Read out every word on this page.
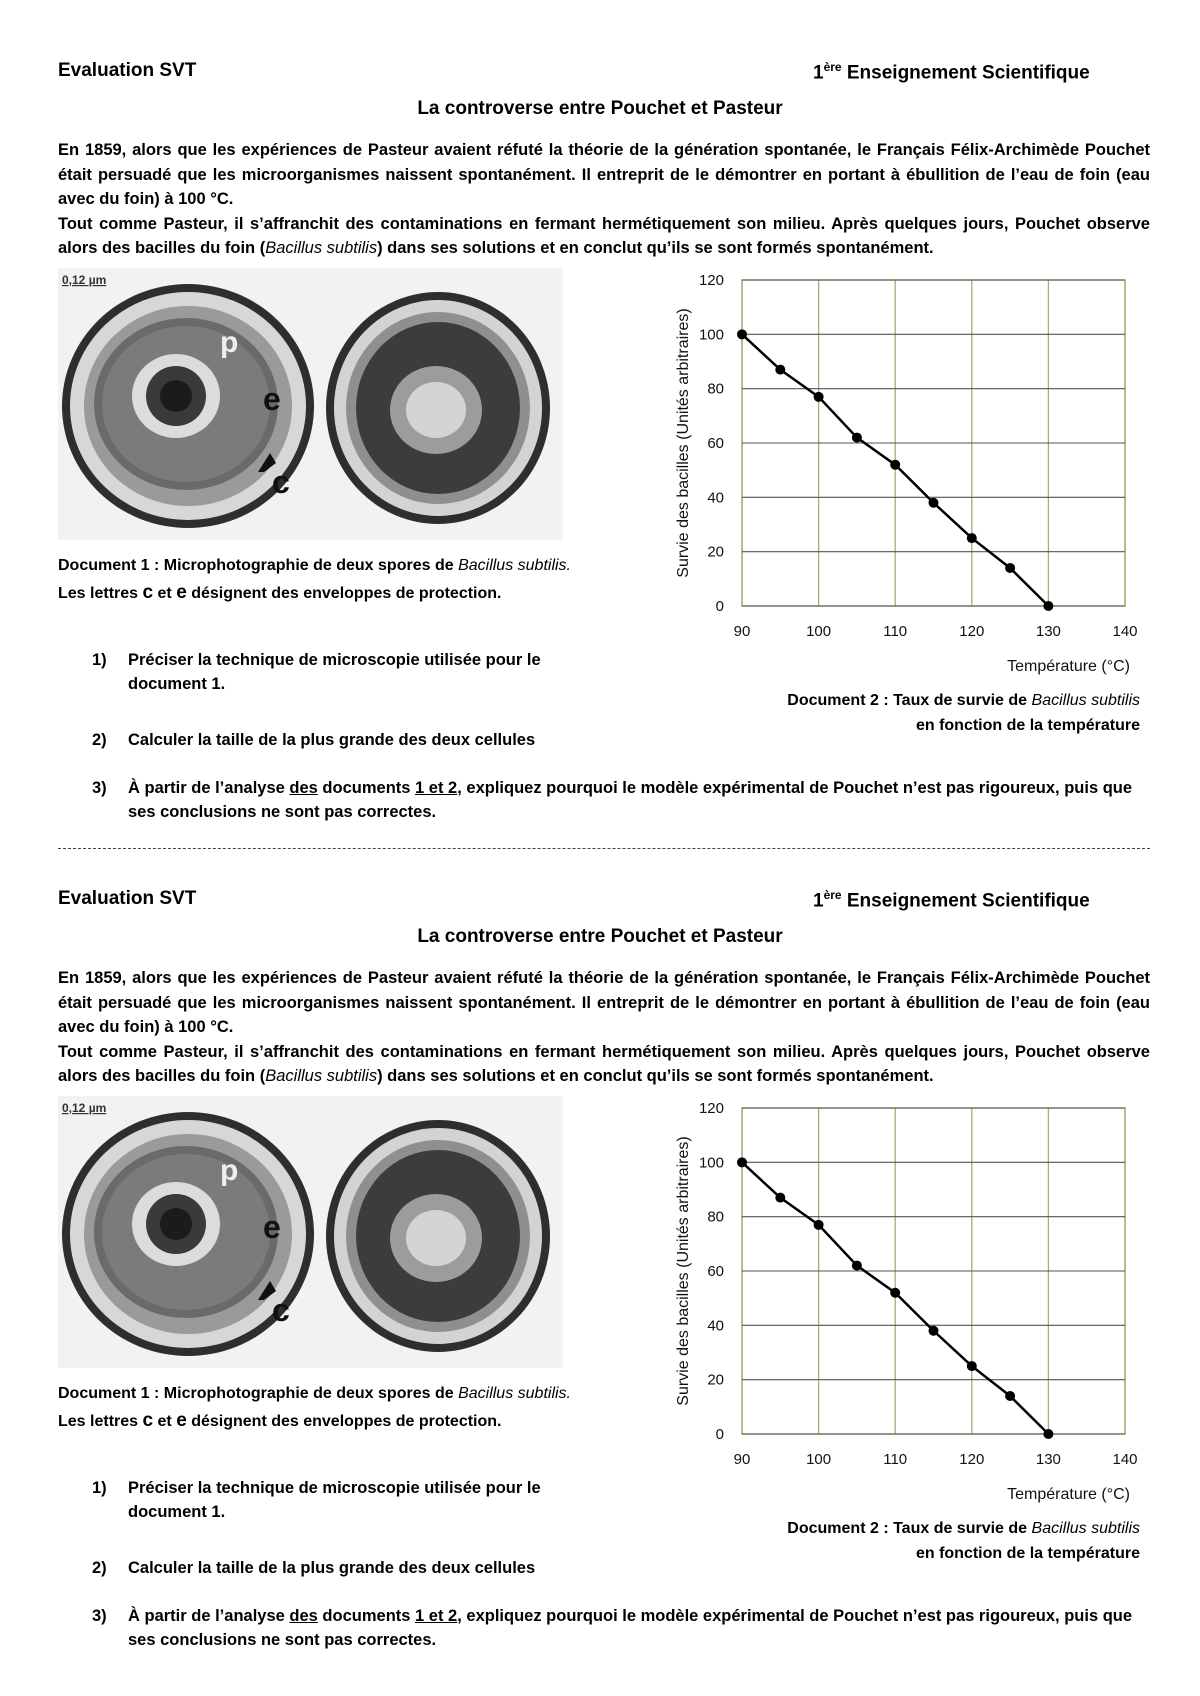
Evaluation SVT	1ère Enseignement Scientifique
La controverse entre Pouchet et Pasteur

En 1859, alors que les expériences de Pasteur avaient réfuté la théorie de la génération spontanée, le Français Félix-Archimède Pouchet était persuadé que les microorganismes naissent spontanément. Il entreprit de le démontrer en portant à ébullition de l’eau de foin (eau avec du foin) à 100 °C.

Tout comme Pasteur, il s’affranchit des contaminations en fermant hermétiquement son milieu. Après quelques jours, Pouchet observe alors des bacilles du foin (Bacillus subtilis) dans ses solutions et en conclut qu’ils se sont formés spontanément.

0,12 µm
p
e
c
Document 1 : Microphotographie de deux spores de Bacillus subtilis.
Les lettres c et e désignent des enveloppes de protection.
90	100	110	120	130	140
0
20
40
60
80
100
120
Température (°C)
Survie des bacilles (Unités arbitraires)
Document 2 : Taux de survie de Bacillus subtilis
en fonction de la température
1)	Préciser la technique de microscopie utilisée pour le document 1.
2)	Calculer la taille de la plus grande des deux cellules
3)	À partir de l’analyse des documents 1 et 2, expliquez pourquoi le modèle expérimental de Pouchet n’est pas rigoureux, puis que ses conclusions ne sont pas correctes.
Evaluation SVT	1ère Enseignement Scientifique
La controverse entre Pouchet et Pasteur

En 1859, alors que les expériences de Pasteur avaient réfuté la théorie de la génération spontanée, le Français Félix-Archimède Pouchet était persuadé que les microorganismes naissent spontanément. Il entreprit de le démontrer en portant à ébullition de l’eau de foin (eau avec du foin) à 100 °C.

Tout comme Pasteur, il s’affranchit des contaminations en fermant hermétiquement son milieu. Après quelques jours, Pouchet observe alors des bacilles du foin (Bacillus subtilis) dans ses solutions et en conclut qu’ils se sont formés spontanément.

0,12 µm
p
e
c
Document 1 : Microphotographie de deux spores de Bacillus subtilis.
Les lettres c et e désignent des enveloppes de protection.
90	100	110	120	130	140
0
20
40
60
80
100
120
Température (°C)
Survie des bacilles (Unités arbitraires)
Document 2 : Taux de survie de Bacillus subtilis
en fonction de la température
1)	Préciser la technique de microscopie utilisée pour le document 1.
2)	Calculer la taille de la plus grande des deux cellules
3)	À partir de l’analyse des documents 1 et 2, expliquez pourquoi le modèle expérimental de Pouchet n’est pas rigoureux, puis que ses conclusions ne sont pas correctes.
